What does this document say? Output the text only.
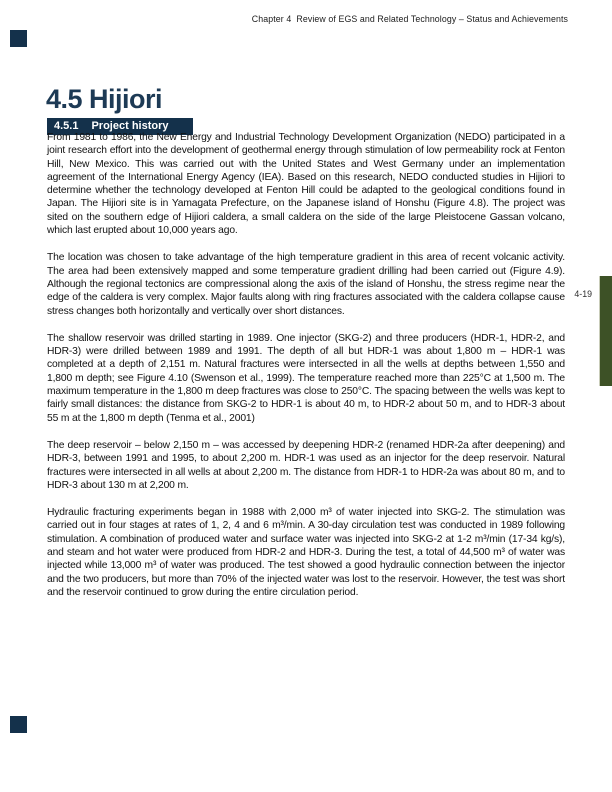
Chapter 4  Review of EGS and Related Technology – Status and Achievements
4.5 Hijiori
4.5.1 Project history

From 1981 to 1986, the New Energy and Industrial Technology Development Organization (NEDO) participated in a joint research effort into the development of geothermal energy through stimulation of low permeability rock at Fenton Hill, New Mexico. This was carried out with the United States and West Germany under an implementation agreement of the International Energy Agency (IEA). Based on this research, NEDO conducted studies in Hijiori to determine whether the technology developed at Fenton Hill could be adapted to the geological conditions found in Japan. The Hijiori site is in Yamagata Prefecture, on the Japanese island of Honshu (Figure 4.8). The project was sited on the southern edge of Hijiori caldera, a small caldera on the side of the large Pleistocene Gassan volcano, which last erupted about 10,000 years ago.

The location was chosen to take advantage of the high temperature gradient in this area of recent volcanic activity. The area had been extensively mapped and some temperature gradient drilling had been carried out (Figure 4.9). Although the regional tectonics are compressional along the axis of the island of Honshu, the stress regime near the edge of the caldera is very complex. Major faults along with ring fractures associated with the caldera collapse cause stress changes both horizontally and vertically over short distances.

The shallow reservoir was drilled starting in 1989. One injector (SKG-2) and three producers (HDR-1, HDR-2, and HDR-3) were drilled between 1989 and 1991. The depth of all but HDR-1 was about 1,800 m – HDR-1 was completed at a depth of 2,151 m. Natural fractures were intersected in all the wells at depths between 1,550 and 1,800 m depth; see Figure 4.10 (Swenson et al., 1999). The temperature reached more than 225°C at 1,500 m. The maximum temperature in the 1,800 m deep fractures was close to 250°C. The spacing between the wells was kept to fairly small distances: the distance from SKG-2 to HDR-1 is about 40 m, to HDR-2 about 50 m, and to HDR-3 about 55 m at the 1,800 m depth (Tenma et al., 2001)

The deep reservoir – below 2,150 m – was accessed by deepening HDR-2 (renamed HDR-2a after deepening) and HDR-3, between 1991 and 1995, to about 2,200 m. HDR-1 was used as an injector for the deep reservoir. Natural fractures were intersected in all wells at about 2,200 m. The distance from HDR-1 to HDR-2a was about 80 m, and to HDR-3 about 130 m at 2,200 m.

Hydraulic fracturing experiments began in 1988 with 2,000 m³ of water injected into SKG-2. The stimulation was carried out in four stages at rates of 1, 2, 4 and 6 m³/min. A 30-day circulation test was conducted in 1989 following stimulation. A combination of produced water and surface water was injected into SKG-2 at 1-2 m³/min (17-34 kg/s), and steam and hot water were produced from HDR-2 and HDR-3. During the test, a total of 44,500 m³ of water was injected while 13,000 m³ of water was produced. The test showed a good hydraulic connection between the injector and the two producers, but more than 70% of the injected water was lost to the reservoir. However, the test was short and the reservoir continued to grow during the entire circulation period.

4-19
